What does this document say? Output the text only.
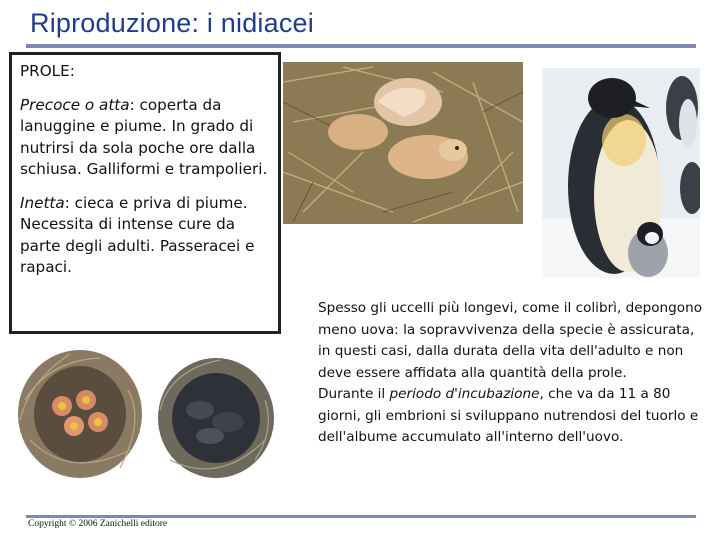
Riproduzione: i nidiacei

PROLE:

Precoce o atta: coperta da lanuggine e piume. In grado di nutrirsi da sola poche ore dalla schiusa. Galliformi e trampolieri.

Inetta: cieca e priva di piume. Necessita di intense cure da parte degli adulti. Passeracei e rapaci.

Spesso gli uccelli più longevi, come il colibrì, depongono meno uova: la sopravvivenza della specie è assicurata, in questi casi, dalla durata della vita dell'adulto e non deve essere affidata alla quantità della prole.

Durante il periodo d'incubazione, che va da 11 a 80 giorni, gli embrioni si sviluppano nutrendosi del tuorlo e dell'albume accumulato all'interno dell'uovo.

Copyright © 2006 Zanichelli editore
